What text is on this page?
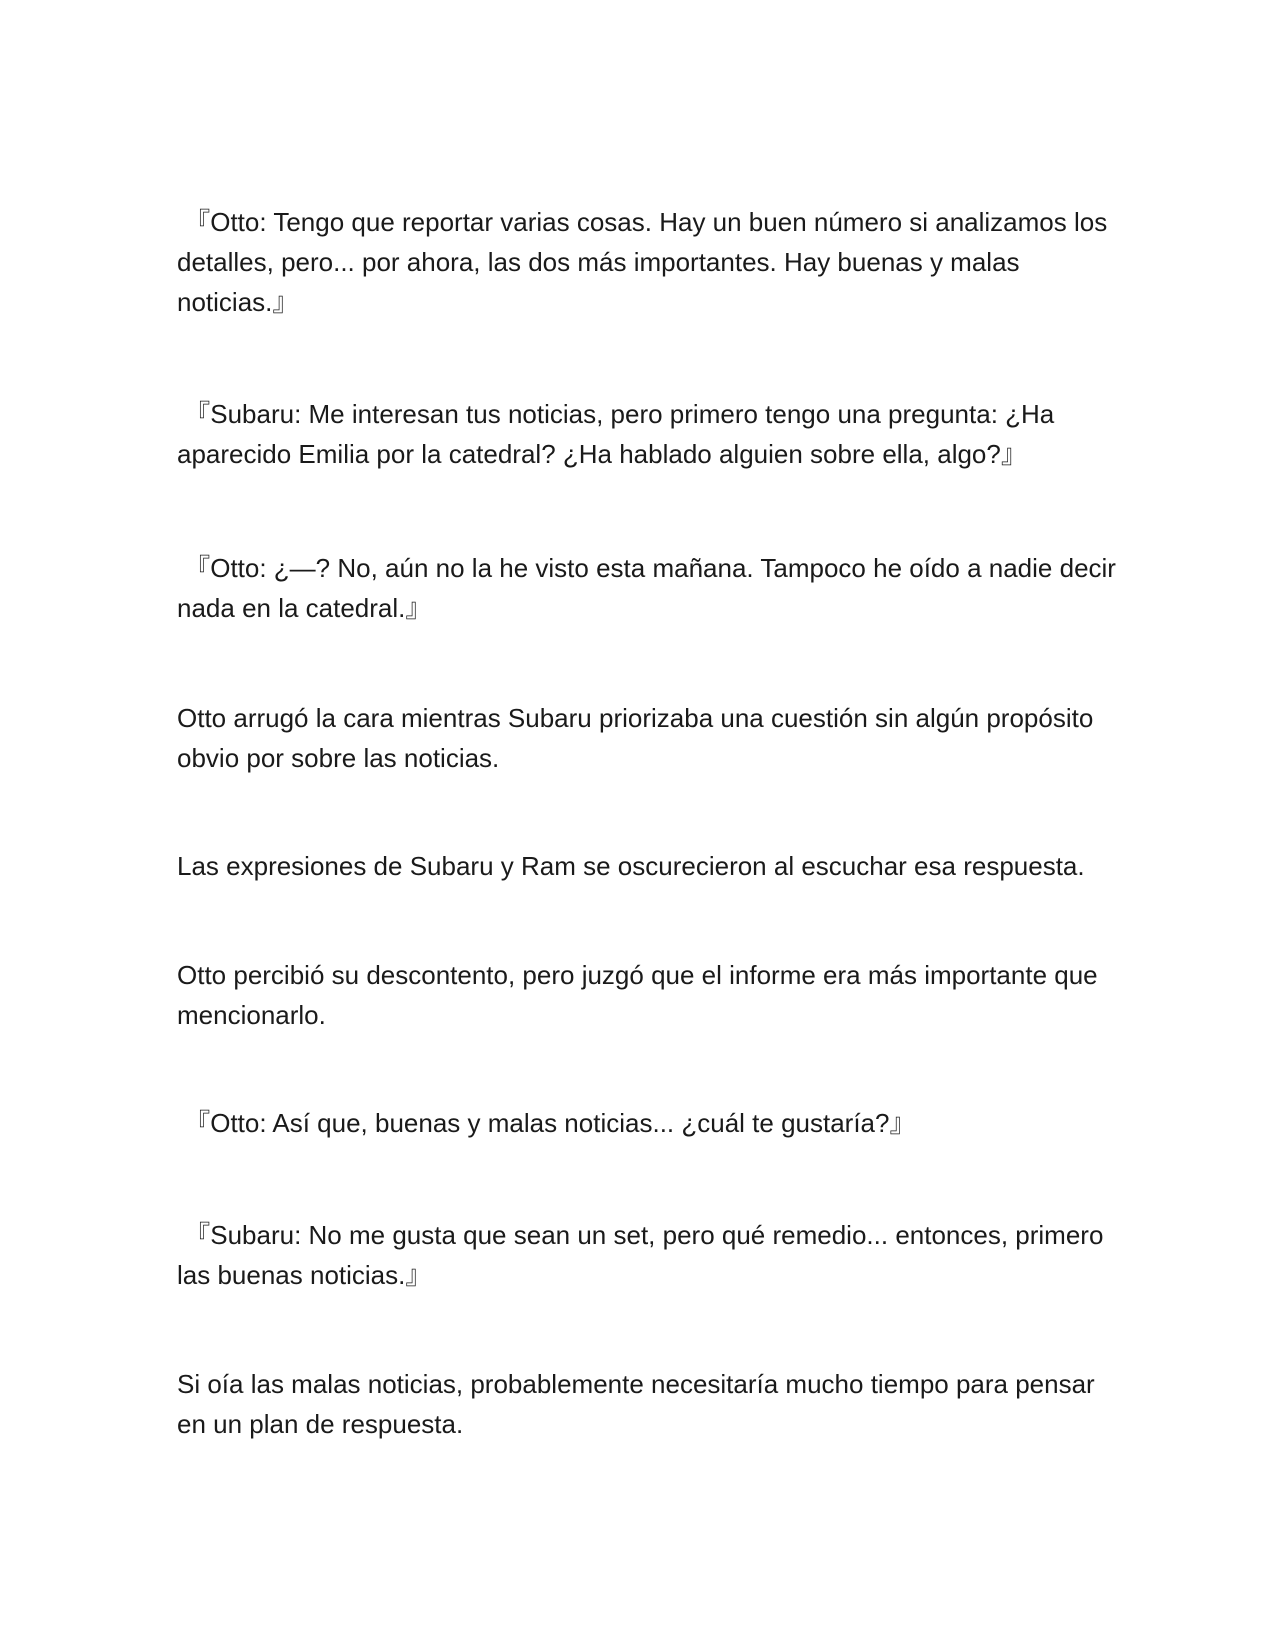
『Otto: Tengo que reportar varias cosas. Hay un buen número si analizamos los detalles, pero... por ahora, las dos más importantes. Hay buenas y malas noticias.』

『Subaru: Me interesan tus noticias, pero primero tengo una pregunta: ¿Ha aparecido Emilia por la catedral? ¿Ha hablado alguien sobre ella, algo?』

『Otto: ¿—? No, aún no la he visto esta mañana. Tampoco he oído a nadie decir nada en la catedral.』

Otto arrugó la cara mientras Subaru priorizaba una cuestión sin algún propósito obvio por sobre las noticias.

Las expresiones de Subaru y Ram se oscurecieron al escuchar esa respuesta.

Otto percibió su descontento, pero juzgó que el informe era más importante que mencionarlo.

『Otto: Así que, buenas y malas noticias... ¿cuál te gustaría?』

『Subaru: No me gusta que sean un set, pero qué remedio... entonces, primero las buenas noticias.』

Si oía las malas noticias, probablemente necesitaría mucho tiempo para pensar en un plan de respuesta.
